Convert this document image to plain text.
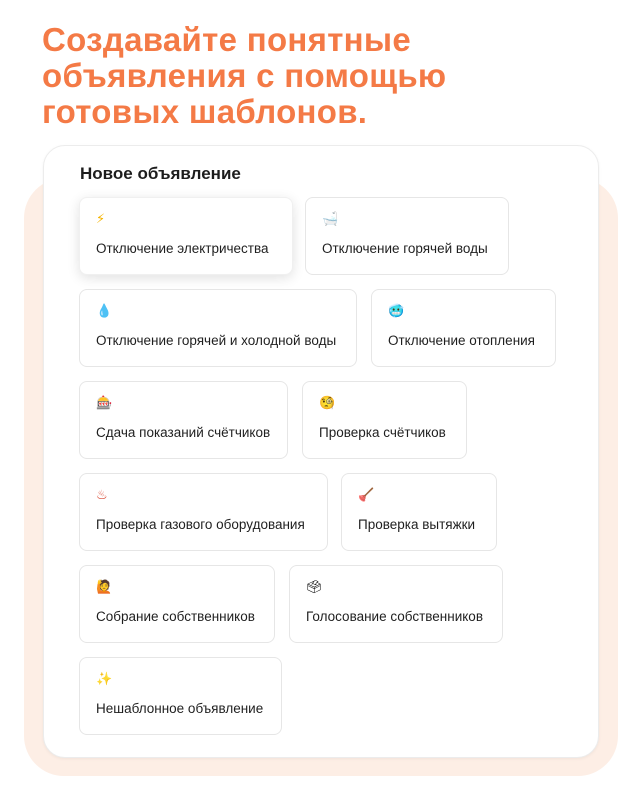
Создавайте понятные
объявления с помощью
готовых шаблонов.
Новое объявление
⚡
Отключение электричества
🛁
Отключение горячей воды
💧
Отключение горячей и холодной воды
🥶
Отключение отопления
🎰
Сдача показаний счётчиков
🧐
Проверка счётчиков
♨
Проверка газового оборудования
🪠
Проверка вытяжки
🙋
Собрание собственников
🗳
Голосование собственников
✨
Нешаблонное объявление
